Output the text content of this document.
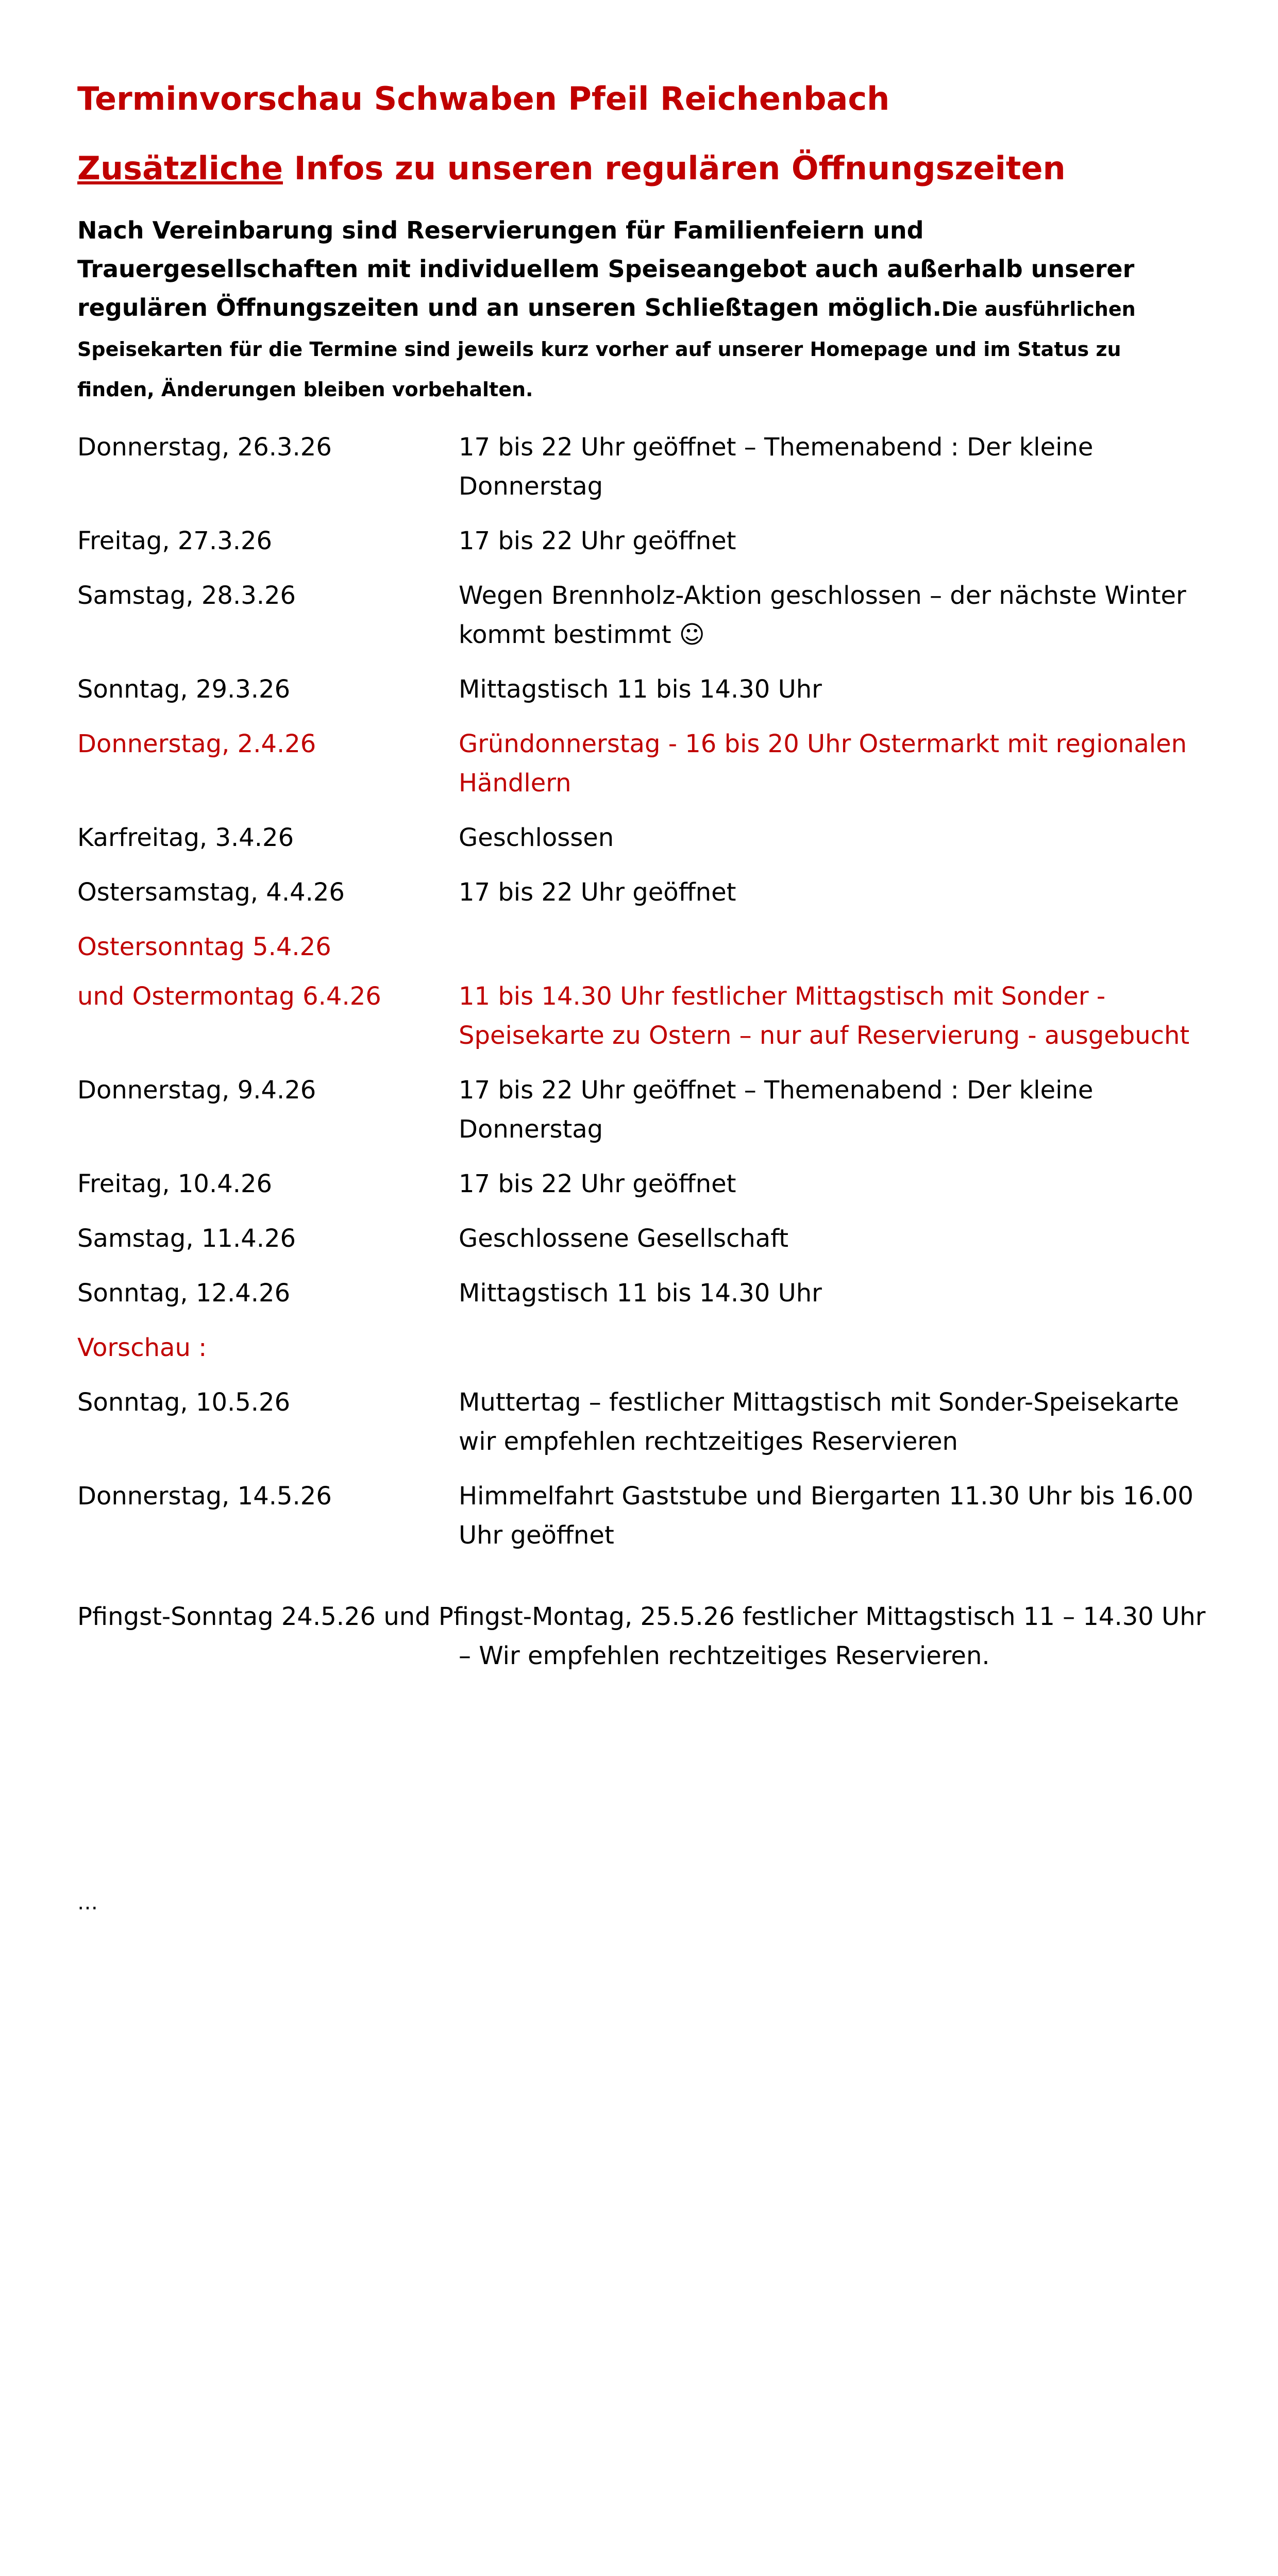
Terminvorschau Schwaben Pfeil Reichenbach
Zusätzliche Infos zu unseren regulären Öffnungszeiten

Nach Vereinbarung sind Reservierungen für Familienfeiern und Trauergesellschaften mit individuellem Speiseangebot auch außerhalb unserer regulären Öffnungszeiten und an unseren Schließtagen möglich.Die ausführlichen Speisekarten für die Termine sind jeweils kurz vorher auf unserer Homepage und im Status zu finden, Änderungen bleiben vorbehalten.

Donnerstag, 26.3.26	17 bis 22 Uhr geöffnet – Themenabend : Der kleine Donnerstag
Freitag, 27.3.26	17 bis 22 Uhr geöffnet
Samstag, 28.3.26	Wegen Brennholz-Aktion geschlossen – der nächste Winter kommt bestimmt ☺
Sonntag, 29.3.26	Mittagstisch 11 bis 14.30 Uhr
Donnerstag, 2.4.26	Gründonnerstag - 16 bis 20 Uhr Ostermarkt mit regionalen Händlern
Karfreitag, 3.4.26	Geschlossen
Ostersamstag, 4.4.26	17 bis 22 Uhr geöffnet
Ostersonntag 5.4.26
und Ostermontag 6.4.26	11 bis 14.30 Uhr festlicher Mittagstisch mit Sonder - Speisekarte zu Ostern – nur auf Reservierung - ausgebucht
Donnerstag, 9.4.26	17 bis 22 Uhr geöffnet – Themenabend : Der kleine Donnerstag
Freitag, 10.4.26	17 bis 22 Uhr geöffnet
Samstag, 11.4.26	Geschlossene Gesellschaft
Sonntag, 12.4.26	Mittagstisch 11 bis 14.30 Uhr
Vorschau :
Sonntag, 10.5.26	Muttertag – festlicher Mittagstisch mit Sonder-Speisekarte wir empfehlen rechtzeitiges Reservieren
Donnerstag, 14.5.26	Himmelfahrt Gaststube und Biergarten 11.30 Uhr bis 16.00 Uhr geöffnet
Pfingst-Sonntag 24.5.26 und Pfingst-Montag, 25.5.26 festlicher Mittagstisch 11 – 14.30 Uhr
– Wir empfehlen rechtzeitiges Reservieren.
…
